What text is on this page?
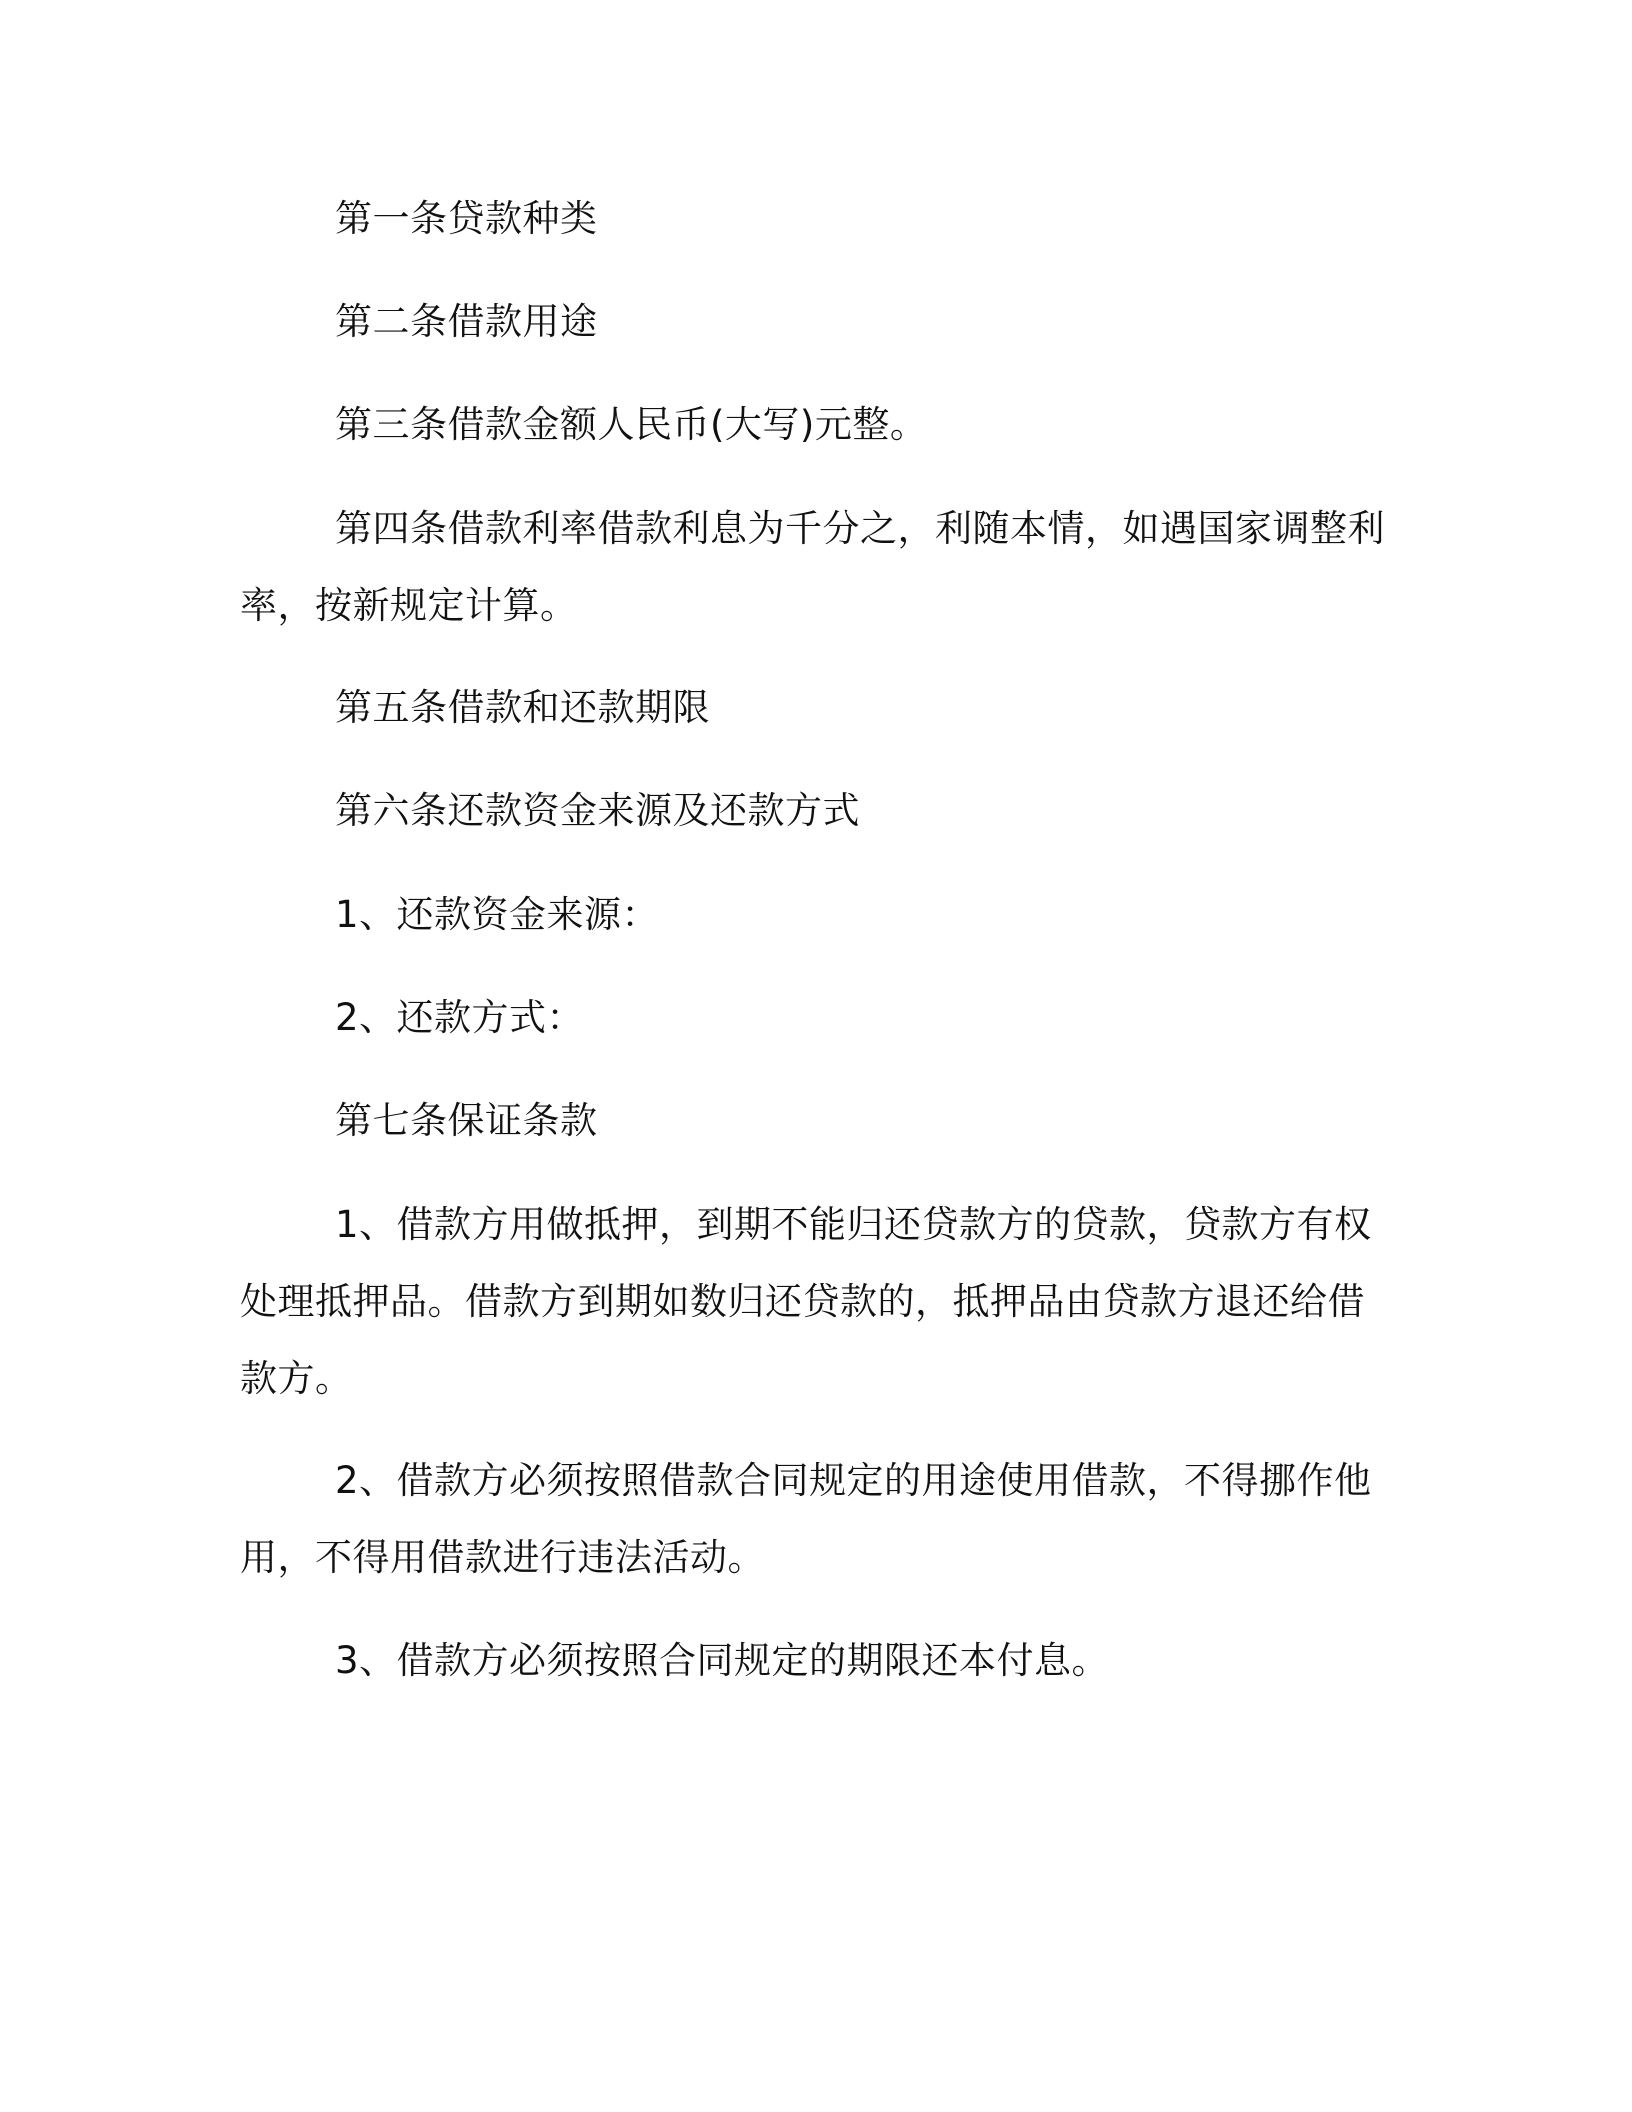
第一条贷款种类

第二条借款用途

第三条借款金额人民币(大写)元整。

第四条借款利率借款利息为千分之，利随本情，如遇国家调整利率，按新规定计算。

第五条借款和还款期限

第六条还款资金来源及还款方式

1、还款资金来源：

2、还款方式：

第七条保证条款

1、借款方用做抵押，到期不能归还贷款方的贷款，贷款方有权处理抵押品。借款方到期如数归还贷款的，抵押品由贷款方退还给借款方。

2、借款方必须按照借款合同规定的用途使用借款，不得挪作他用，不得用借款进行违法活动。

3、借款方必须按照合同规定的期限还本付息。
